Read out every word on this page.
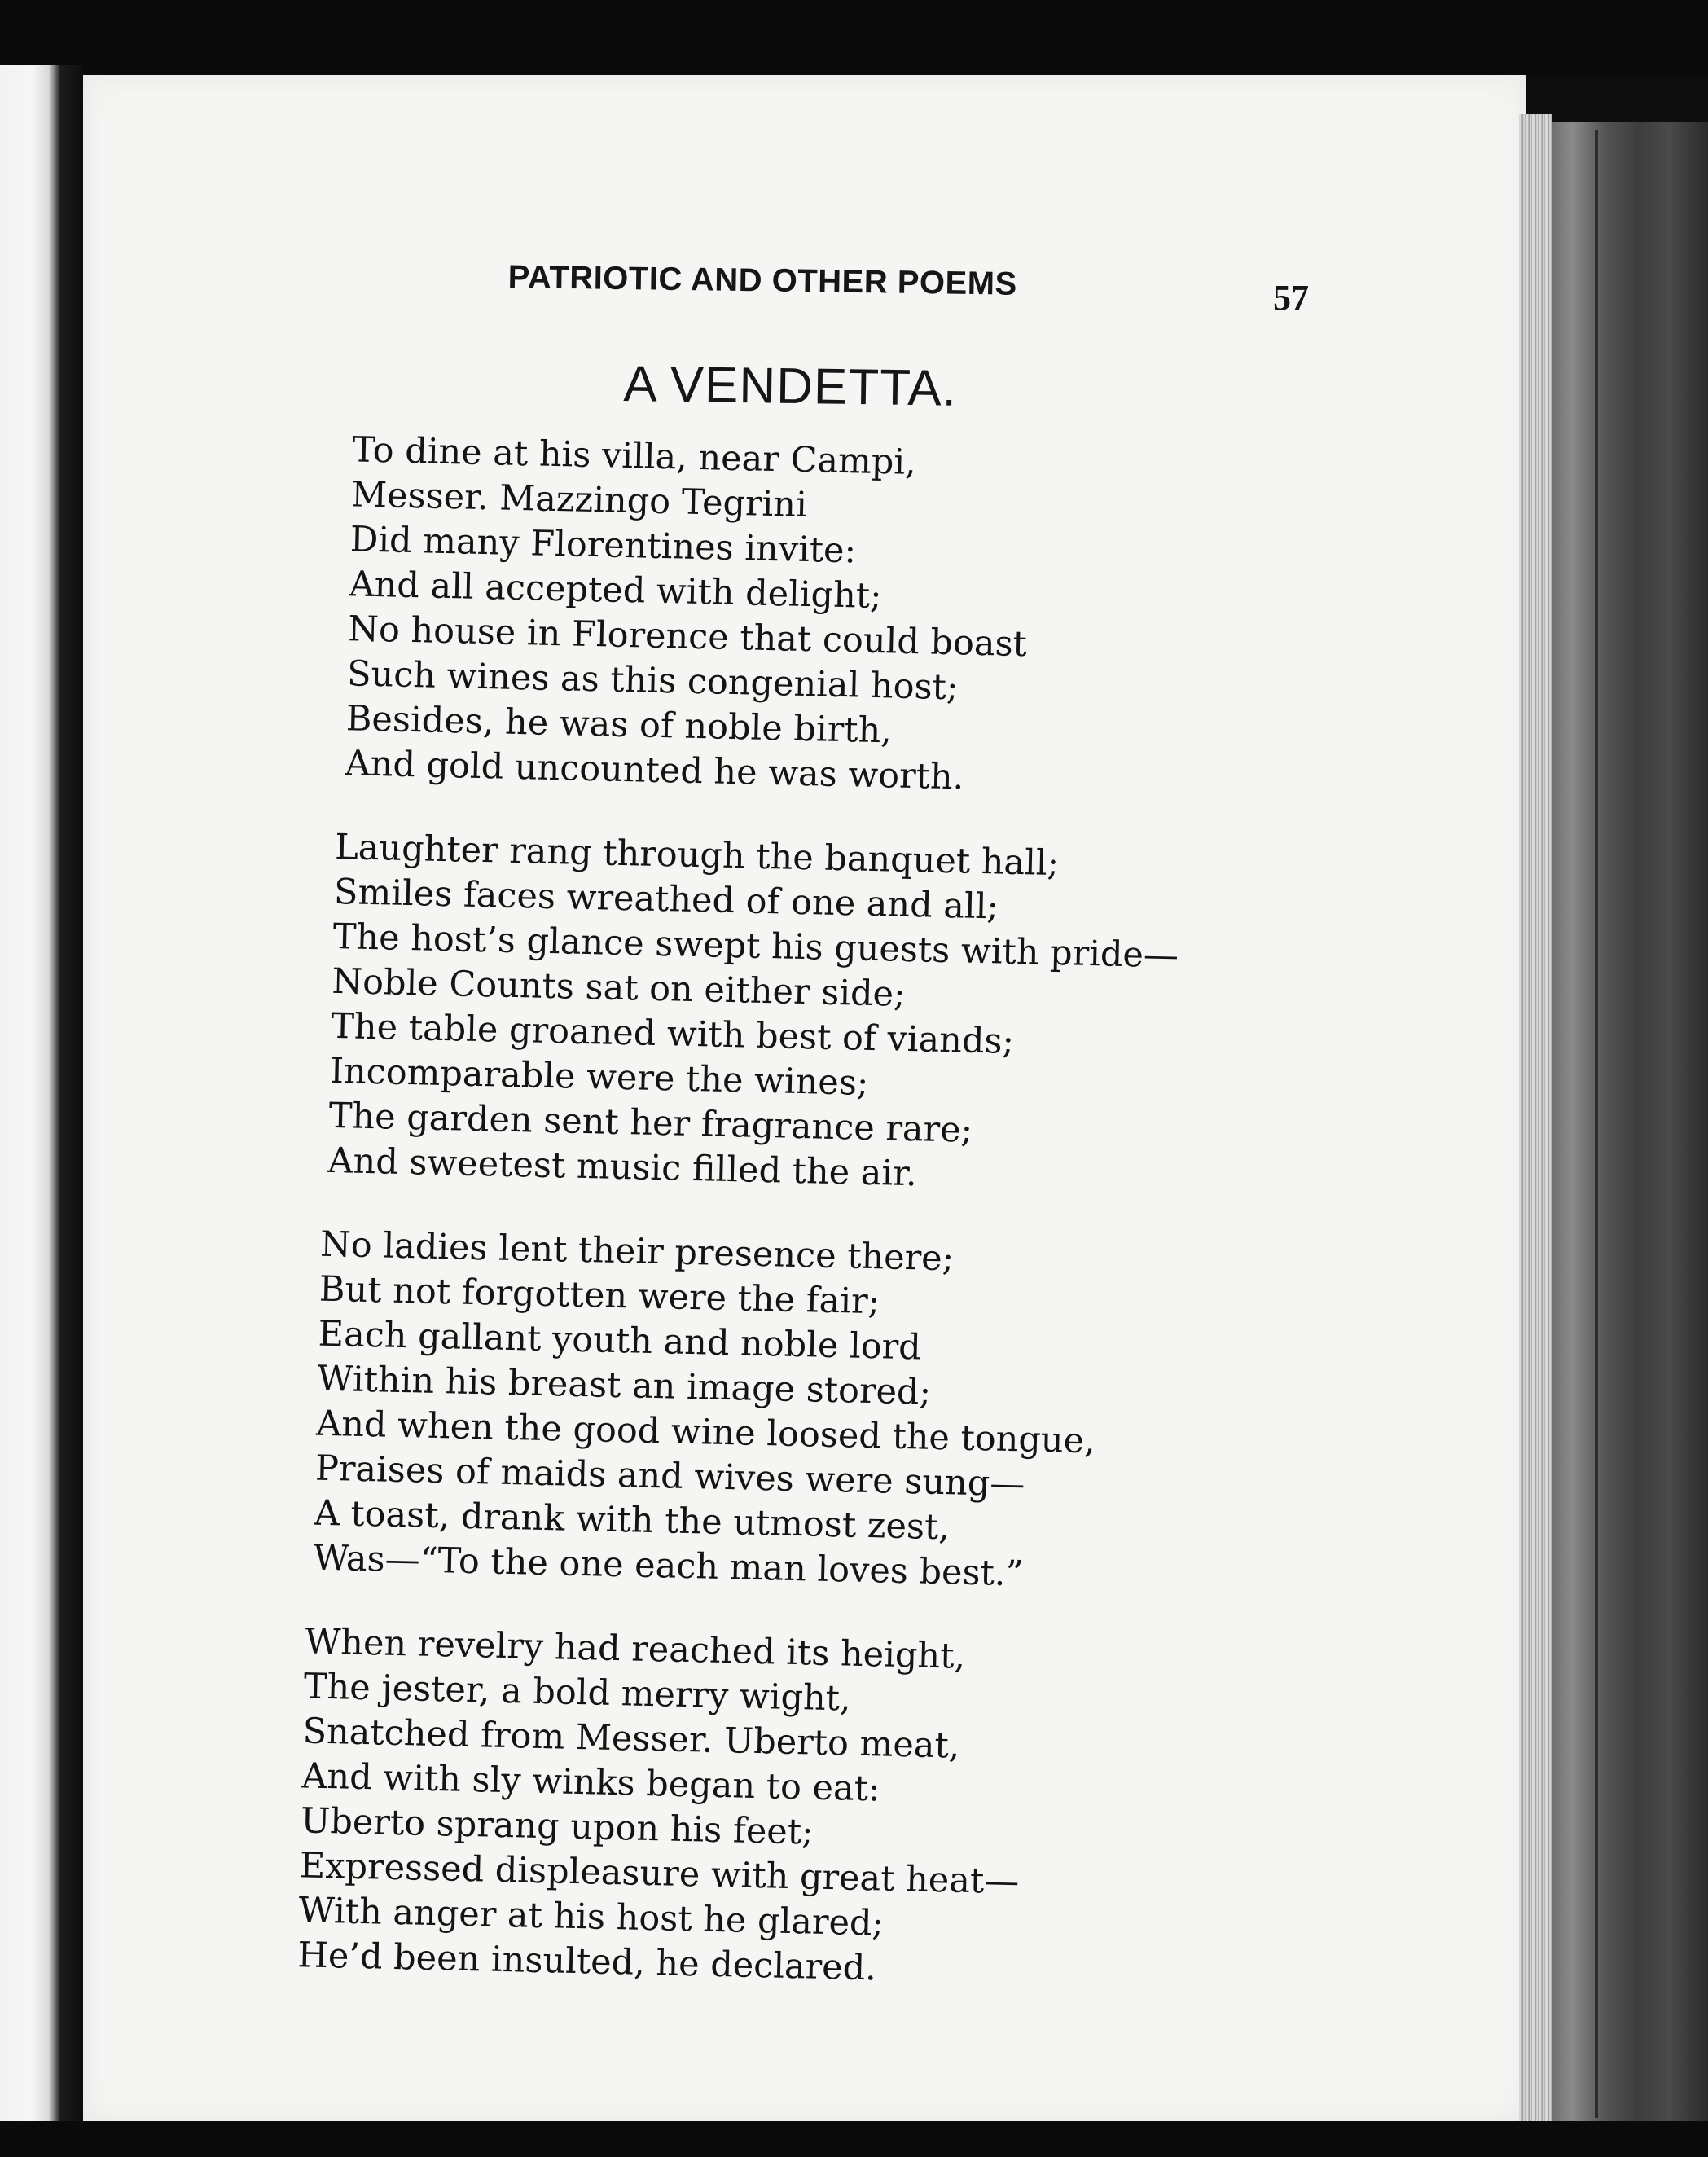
PATRIOTIC AND OTHER POEMS	57
A VENDETTA.
To dine at his villa, near Campi,
Messer. Mazzingo Tegrini
Did many Florentines invite:
And all accepted with delight;
No house in Florence that could boast
Such wines as this congenial host;
Besides, he was of noble birth,
And gold uncounted he was worth.
Laughter rang through the banquet hall;
Smiles faces wreathed of one and all;
The host’s glance swept his guests with pride—
Noble Counts sat on either side;
The table groaned with best of viands;
Incomparable were the wines;
The garden sent her fragrance rare;
And sweetest music filled the air.
No ladies lent their presence there;
But not forgotten were the fair;
Each gallant youth and noble lord
Within his breast an image stored;
And when the good wine loosed the tongue,
Praises of maids and wives were sung—
A toast, drank with the utmost zest,
Was—“To the one each man loves best.”
When revelry had reached its height,
The jester, a bold merry wight,
Snatched from Messer. Uberto meat,
And with sly winks began to eat:
Uberto sprang upon his feet;
Expressed displeasure with great heat—
With anger at his host he glared;
He’d been insulted, he declared.
